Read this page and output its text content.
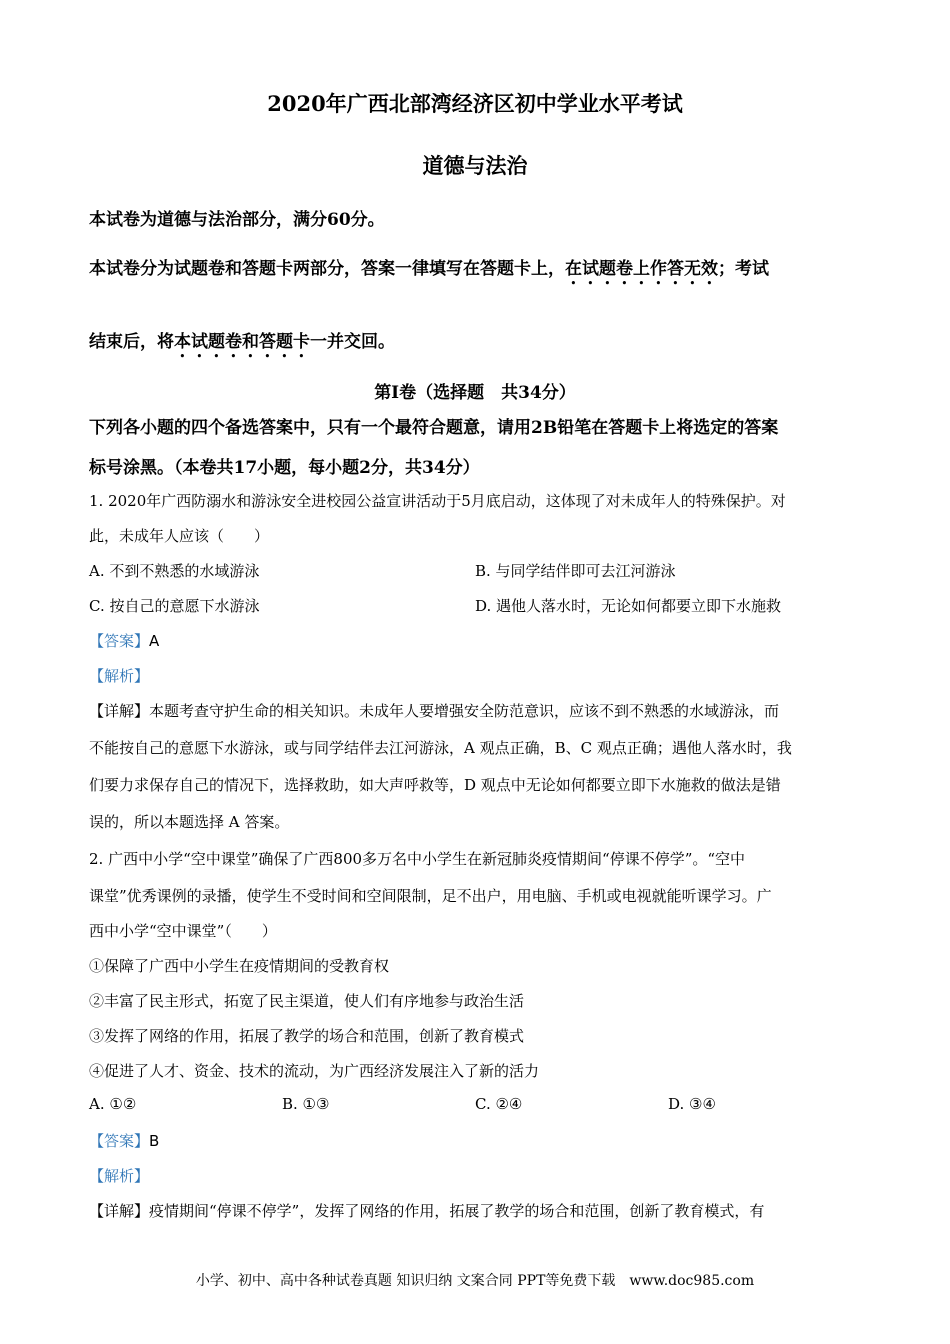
2020年广西北部湾经济区初中学业水平考试
道德与法治
本试卷为道德与法治部分，满分60分。
本试卷分为试题卷和答题卡两部分，答案一律填写在答题卡上，在试题卷上作答无效；考试
结束后，将本试题卷和答题卡一并交回。
第Ⅰ卷（选择题　共34分）
下列各小题的四个备选答案中，只有一个最符合题意，请用2B铅笔在答题卡上将选定的答案
标号涂黑。（本卷共17小题，每小题2分，共34分）
1. 2020年广西防溺水和游泳安全进校园公益宣讲活动于5月底启动，这体现了对未成年人的特殊保护。对
此，未成年人应该（　　）
A. 不到不熟悉的水域游泳	B. 与同学结伴即可去江河游泳
C. 按自己的意愿下水游泳	D. 遇他人落水时，无论如何都要立即下水施救
【答案】A
【解析】
【详解】本题考查守护生命的相关知识。未成年人要增强安全防范意识，应该不到不熟悉的水域游泳，而
不能按自己的意愿下水游泳，或与同学结伴去江河游泳，A 观点正确，B、C 观点正确；遇他人落水时，我
们要力求保存自己的情况下，选择救助，如大声呼救等，D 观点中无论如何都要立即下水施救的做法是错
误的，所以本题选择 A 答案。
2. 广西中小学“空中课堂”确保了广西800多万名中小学生在新冠肺炎疫情期间“停课不停学”。“空中
课堂”优秀课例的录播，使学生不受时间和空间限制，足不出户，用电脑、手机或电视就能听课学习。广
西中小学“空中课堂”（　　）
①保障了广西中小学生在疫情期间的受教育权
②丰富了民主形式，拓宽了民主渠道，使人们有序地参与政治生活
③发挥了网络的作用，拓展了教学的场合和范围，创新了教育模式
④促进了人才、资金、技术的流动，为广西经济发展注入了新的活力
A. ①②	B. ①③	C. ②④	D. ③④
【答案】B
【解析】
【详解】疫情期间“停课不停学”，发挥了网络的作用，拓展了教学的场合和范围，创新了教育模式，有
小学、初中、高中各种试卷真题 知识归纳 文案合同 PPT等免费下载　www.doc985.com
